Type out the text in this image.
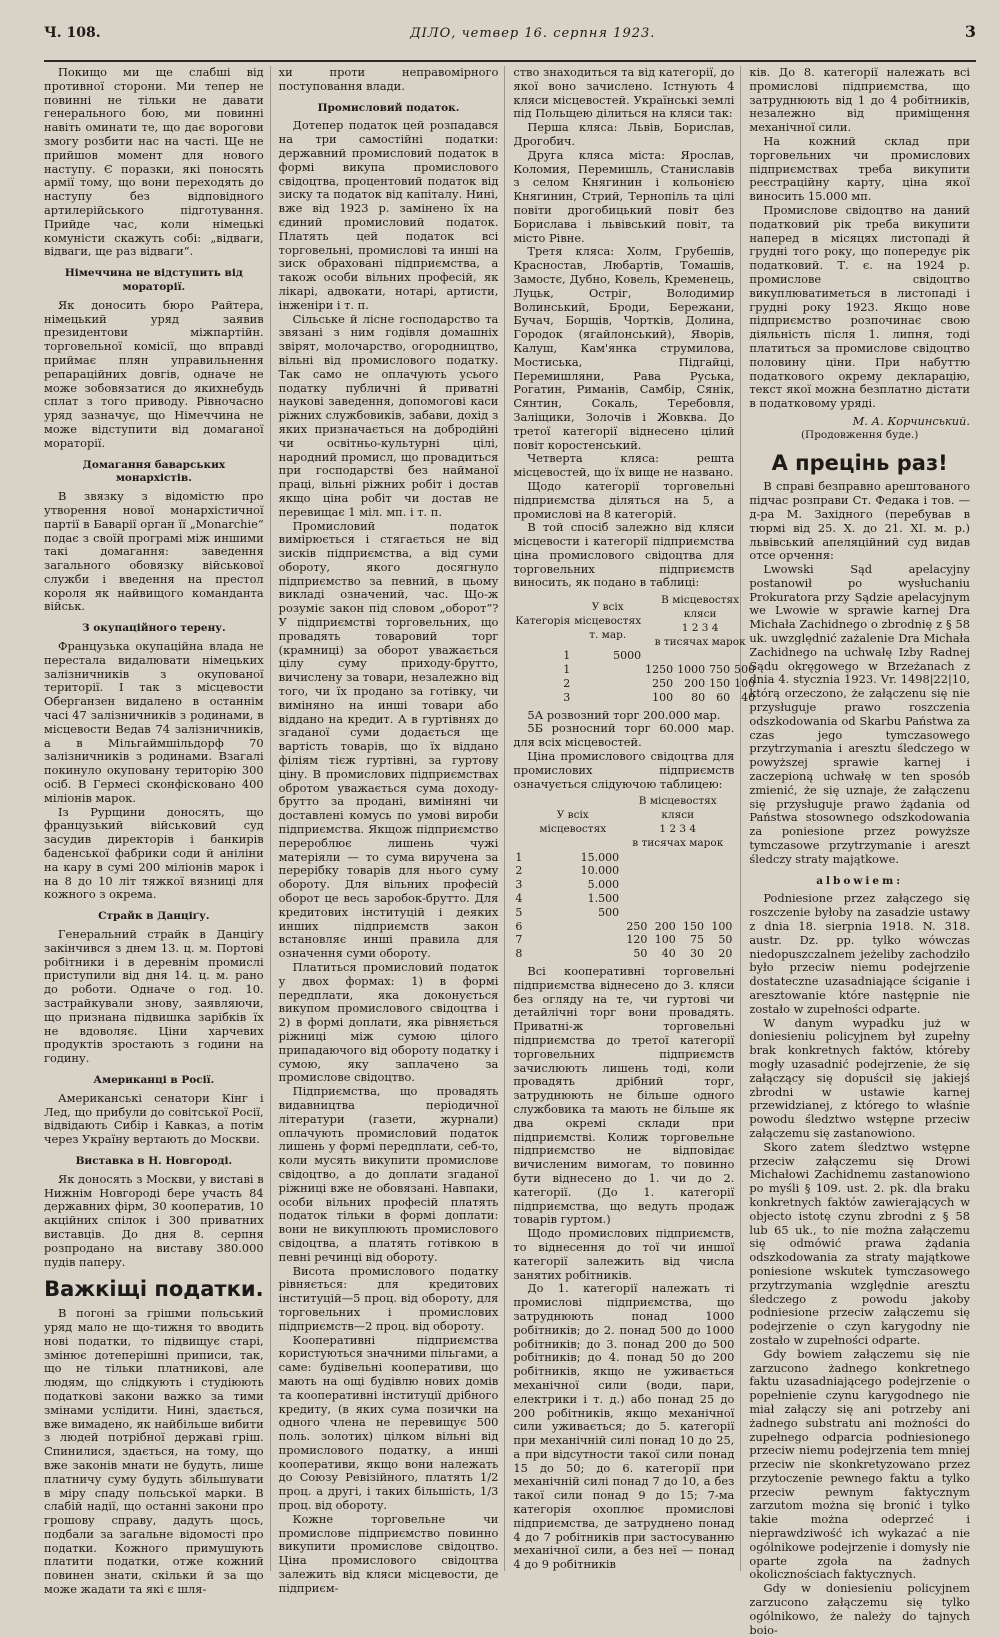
Ч. 108.	ДІЛО, четвер 16. серпня 1923.	3

Покищо ми ще слабші від противної сторони. Ми тепер не повинні не тільки не давати генерального бою, ми повинні навіть оминати те, що дає ворогови змогу розбити нас на часті. Ще не прийшов момент для нового наступу. Є поразки, які поносять армії тому, що вони переходять до наступу без відповідного артилерійського підготування. Прийде час, коли німецькі комуністи скажуть собі: „відваги, відваги, ще раз відваги“.

Німеччина не відступить від мораторії.

Як доносить бюро Райтера, німецький уряд заявив президентови міжпартійн. торговельної комісії, що вправді приймає плян управильнення репараційних довгів, одначе не може зобовязатися до якихнебудь сплат з того приводу. Рівночасно уряд зазначує, що Німеччина не може відступити від домаганої мораторії.

Домагання баварських монархістів.

В звязку з відомістю про утворення нової монархістичної партії в Баварії орган її „Monarchie“ подає з своїй програмі між иншими такі домагання: заведення загального обовязку військової служби і введення на престол короля як найвищого команданта військ.

З окупаційного терену.

Французька окупаційна влада не перестала видалювати німецьких залізничників з окупованої території. І так з місцевости Оберганзен видалено в останнім часі 47 залізничників з родинами, в місцевости Ведав 74 залізничників, а в Мільгаймшільдорф 70 залізничників з родинами. Взагалі покинуло окуповану територію 300 осіб. В Гермесі сконфісковано 400 міліонів марок.

Із Рурщини доносять, що французький військовий суд засудив директорів і банкирів баденської фабрики соди й аніліни на кару в сумі 200 міліонів марок і на 8 до 10 літ тяжкої вязниці для кожного з окрема.

Страйк в Данціґу.

Генеральний страйк в Данціґу закінчився з днем 13. ц. м. Портові робітники і в деревнім промислі приступили від дня 14. ц. м. рано до роботи. Одначе о год. 10. застрайкували знову, заявляючи, що признана підвишка зарібків їх не вдоволяє. Ціни харчевих продуктів зростають з години на годину.

Американці в Росії.

Американські сенатори Кінг і Лед, що прибули до совітської Росії, відвідають Сибір і Кавказ, а потім через Україну вертають до Москви.

Виставка в Н. Новгороді.

Як доносять з Москви, у виставі в Нижнім Новгороді бере участь 84 державних фірм, 30 кооператив, 10 акційних спілок і 300 приватних виставців. До дня 8. серпня розпродано на виставу 380.000 пудів паперу.

Важкіщі податки.

В погоні за грішми польський уряд мало не що-тижня то вводить нові податки, то підвищує старі, змінює дотеперішні приписи, так, що не тільки платникові, але людям, що слідкують і студіюють податкові закони важко за тими змінами услідити. Нині, здається, вже вимадено, як найбільше вибити з людей потрібної державі гріш. Спинилися, здається, на тому, що вже законів мнати не будуть, лише платничу суму будуть збільшувати в міру спаду польської марки. В слабій надії, що останні закони про грошову справу, дадуть щось, подбали за загальне відомості про податки. Кожного примушують платити податки, отже кожний повинен знати, скільки й за що може жадати та які є шля-

хи проти неправомірного поступовання влади.

Промисловий податок.

Дотепер податок цей розпадався на три самостійні податки: державний промисловий податок в формі викупа промислового свідоцтва, процентовий податок від зиску та податок від капіталу. Нині, вже від 1923 р. замінено їх на єдиний промисловий податок. Платять цей податок всі торговельні, промислові та инші на зиск обраховані підприємства, а також особи вільних професій, як лікарі, адвокати, нотарі, артисти, інженіри і т. п.

Сільське й лісне господарство та звязані з ним годівля домашніх звірят, молочарство, огородництво, вільні від промислового податку. Так само не оплачують усього податку публичні й приватні наукові заведення, допомогові каси ріжних службовиків, забави, дохід з яких призначається на добродійні чи освітньо-культурні цілі, народний промисл, що провадиться при господарстві без найманої праці, вільні ріжних робіт і достав якщо ціна робіт чи достав не перевищає 1 міл. мп. і т. п.

Промисловий податок вимірюється і стягається не від зисків підприємства, а від суми обороту, якого досягнуло підприємство за певний, в цьому викладі означений, час. Що-ж розуміє закон під словом „оборот“? У підприємстві торговельних, що провадять товаровий торг (крамниці) за оборот уважається цілу суму приходу-брутто, вичислену за товари, незалежно від того, чи їх продано за готівку, чи виміняно на инші товари або віддано на кредит. А в гуртівнях до згаданої суми додається ще вартість товарів, що їх віддано філіям тієж гуртівні, за гуртову ціну. В промислових підприємствах обротом уважається сума доходу-брутто за продані, виміняні чи доставлені комусь по умові вироби підприємства. Якщож підприємство перероблює лишень чужі матеріяли — то сума виручена за перерібку товарів для нього суму обороту. Для вільних професій оборот це весь заробок-брутто. Для кредитових інституцій і деяких инших підприємств закон встановляє инші правила для означення суми обороту.

Платиться промисловий податок у двох формах: 1) в формі передплати, яка доконується викупом промислового свідоцтва і 2) в формі доплати, яка рівняється ріжниці між сумою цілого припадаючого від обороту податку і сумою, яку заплачено за промислове свідоцтво.

Підприємства, що провадять видавництва періодичної літератури (газети, журнали) оплачують промисловий податок лишень у формі передплати, себ-то, коли мусять викупити промислове свідоцтво, а до доплати згаданої ріжниці вже не обовязані. Навпаки, особи вільних професій платять податок тільки в формі доплати: вони не викуплюють промислового свідоцтва, а платять готівкою в певні речинці від обороту.

Висота промислового податку рівняється: для кредитових інституцій—5 проц. від обороту, для торговельних і промислових підприємств—2 проц. від обороту.

Кооперативні підприємства користуються значними пільгами, а саме: будівельні кооперативи, що мають на ощі будівлю нових домів та кооперативні інституції дрібного кредиту, (в яких сума позички на одного члена не перевищує 500 поль. золотих) цілком вільні від промислового податку, а инші кооперативи, якщо вони належать до Союзу Ревізійного, платять 1/2 проц. а другі, і таких більшість, 1/3 проц. від обороту.

Кожне торговельне чи промислове підприємство повинно викупити промислове свідоцтво. Ціна промислового свідоцтва залежить від кляси місцевости, де підприєм-

ство знаходиться та від категорії, до якої воно зачислено. Істнують 4 кляси місцевостей. Українські землі під Польщею ділиться на кляси так:

Перша кляса: Львів, Борислав, Дрогобич.

Друга кляса міста: Ярослав, Коломия, Перемишль, Станиславів з селом Княгинин і кольонією Княгинин, Стрий, Тернопіль та цілі повіти дрогобицький повіт без Борислава і львівський повіт, та місто Рівне.

Третя кляса: Холм, Грубешів, Красностав, Любартів, Томашів, Замостє, Дубно, Ковель, Кременець, Луцьк, Остріг, Володимир Волинський, Броди, Бережани, Бучач, Борщів, Чортків, Долина, Городок (ягайлонський), Яворів, Калуш, Кам'янка струмилова, Мостиська, Підгайці, Перемишляни, Рава Руська, Рогатин, Риманів, Самбір, Сянік, Сянтин, Сокаль, Теребовля, Заліщики, Золочів і Жовква. До третої категорії віднесено цілий повіт коростенський.

Четверта кляса: решта місцевостей, що їх вище не названо.

Щодо категорії торговельні підприємства діляться на 5, а промислові на 8 категорій.

В той спосіб залежно від кляси місцевости і категорії підприємства ціна промислового свідоцтва для торговельних підприємств виносить, як подано в таблиці:

Категорія	У всіх місцевостях т. мар.	В місцевостях кляси
1 2 3 4
в тисячах марок			
1	5000				
1		1250	1000	750	500
2		250	200	150	100
3		100	80	60	40

5А розвозний торг 200.000 мар.

5Б розносний торг 60.000 мар. для всіх місцевостей.

Ціна промислового свідоцтва для промислових підприємств означується слідуючою таблицею:

	У всіх місцевостях	В місцевостях кляси
1 2 3 4
в тисячах марок			
1	15.000				
2	10.000				
3	5.000				
4	1.500				
5	500				
6		250	200	150	100
7		120	100	75	50
8		50	40	30	20

Всі кооперативні торговельні підприємства віднесено до 3. кляси без огляду на те, чи гуртові чи детайлічні торг вони провадять. Приватні-ж торговельні підприємства до третої категорії торговельних підприємств зачислюють лишень тоді, коли провадять дрібний торг, затруднюють не більше одного службовика та мають не більше як два окремі склади при підприємстві. Колиж торговельне підприємство не відповідає вичисленим вимогам, то повинно бути віднесено до 1. чи до 2. категорії. (До 1. категорії підприємства, що ведуть продаж товарів гуртом.)

Щодо промислових підприємств, то віднесення до тої чи иншої категорії залежить від числа занятих робітників.

До 1. категорії належать ті промислові підприємства, що затруднюють понад 1000 робітників; до 2. понад 500 до 1000 робітників; до 3. понад 200 до 500 робітників; до 4. понад 50 до 200 робітників, якщо не уживається механічної сили (води, пари, електрики і т. д.) або понад 25 до 200 робітників, якщо механічної сили уживається; до 5. категорії при механічній силі понад 10 до 25, а при відсутности такої сили понад 15 до 50; до 6. категорії при механічній силі понад 7 до 10, а без такої сили понад 9 до 15; 7-ма категорія охоплює промислові підприємства, де затруднено понад 4 до 7 робітників при застосуванню механічної сили, а без неї — понад 4 до 9 робітників

ків. До 8. категорії належать всі промислові підприємства, що затруднюють від 1 до 4 робітників, незалежно від приміщення механічної сили.

На кожний склад при торговельних чи промислових підприємствах треба викупити реєстраційну карту, ціна якої виносить 15.000 мп.

Промислове свідоцтво на даний податковий рік треба викупити наперед в місяцях листопаді й грудні того року, що попередує рік податковий. Т. є. на 1924 р. промислове свідоцтво викуплюватиметься в листопаді і грудні року 1923. Якщо нове підприємство розпочинає свою діяльність після 1. липня, тоді платиться за промислове свідоцтво половину ціни. При набуттю податкового окрему декларацію, текст якої можна безплатно дістати в податковому уряді.

М. А. Корчинський.
(Продовження буде.)
А прецінь раз!

В справі безправно арештованого підчас розправи Ст. Федака і тов. — д-ра М. Західного (перебував в тюрмі від 25. X. до 21. XI. м. р.) львівський апеляційний суд видав отсе орчення:

Lwowski Sąd apelacyjny postanowił po wysłuchaniu Prokuratora przy Sądzie apelacyjnym we Lwowie w sprawie karnej Dra Michała Zachidnego o zbrodnię z § 58 uk. uwzględnić zażalenie Dra Michała Zachidnego na uchwałę Izby Radnej Sądu okręgowego w Brzeżanach z dnia 4. stycznia 1923. Vr. 1498|22|10, którą orzeczono, że załączenu się nie przysługuje prawo roszczenia odszkodowania od Skarbu Państwa za czas jego tymczasowego przytrzymania i aresztu śledczego w powyższej sprawie karnej i zaczepioną uchwałę w ten sposób zmienić, że się uznaje, że załączenu się przysługuje prawo żądania od Państwa stosownego odszkodowania za poniesione przez powyższe tymczasowe przytrzymanie i areszt śledczy straty majątkowe.

albowiem:

Podniesione przez załączego się roszczenie byłoby na zasadzie ustawy z dnia 18. sierpnia 1918. N. 318. austr. Dz. pp. tylko wówczas niedopuszczalnem jeżeliby zachodziło było przeciw niemu podejrzenie dostateczne uzasadniające ściganie i aresztowanie które następnie nie zostało w zupełności odparte.

W danym wypadku już w doniesieniu policyjnem był zupełny brak konkretnych faktów, któreby mogły uzasadnić podejrzenie, że się załączący się dopuścił się jakiejś zbrodni w ustawie karnej przewidzianej, z którego to właśnie powodu śledztwo wstępne przeciw załączemu się zastanowiono.

Skoro zatem śledztwo wstępne przeciw załączemu się Drowi Michałowi Zachidnemu zastanowiono po myśli § 109. ust. 2. pk. dla braku konkretnych faktów zawierających w objecto istotę czynu zbrodni z § 58 lub 65 uk., to nie można załączemu się odmówić prawa żądania odszkodowania za straty majątkowe poniesione wskutek tymczasowego przytrzymania względnie aresztu śledczego z powodu jakoby podniesione przeciw załączemu się podejrzenie o czyn karygodny nie zostało w zupełności odparte.

Gdy bowiem załączemu się nie zarzucono żadnego konkretnego faktu uzasadniającego podejrzenie o popełnienie czynu karygodnego nie miał załączy się ani potrzeby ani żadnego substratu ani możności do zupełnego odparcia podniesionego przeciw niemu podejrzenia tem mniej przeciw nie skonkretyzowano przez przytoczenie pewnego faktu a tylko przeciw pewnym faktycznym zarzutom można się bronić i tylko takie można odeprzeć i nieprawdziwość ich wykazać a nie ogólnikowe podejrzenie i domysły nie oparte zgoła na żadnych okolicznościach faktycznych.

Gdy w doniesieniu policyjnem zarzucono załączemu się tylko ogólnikowo, że należy do tajnych boio-
